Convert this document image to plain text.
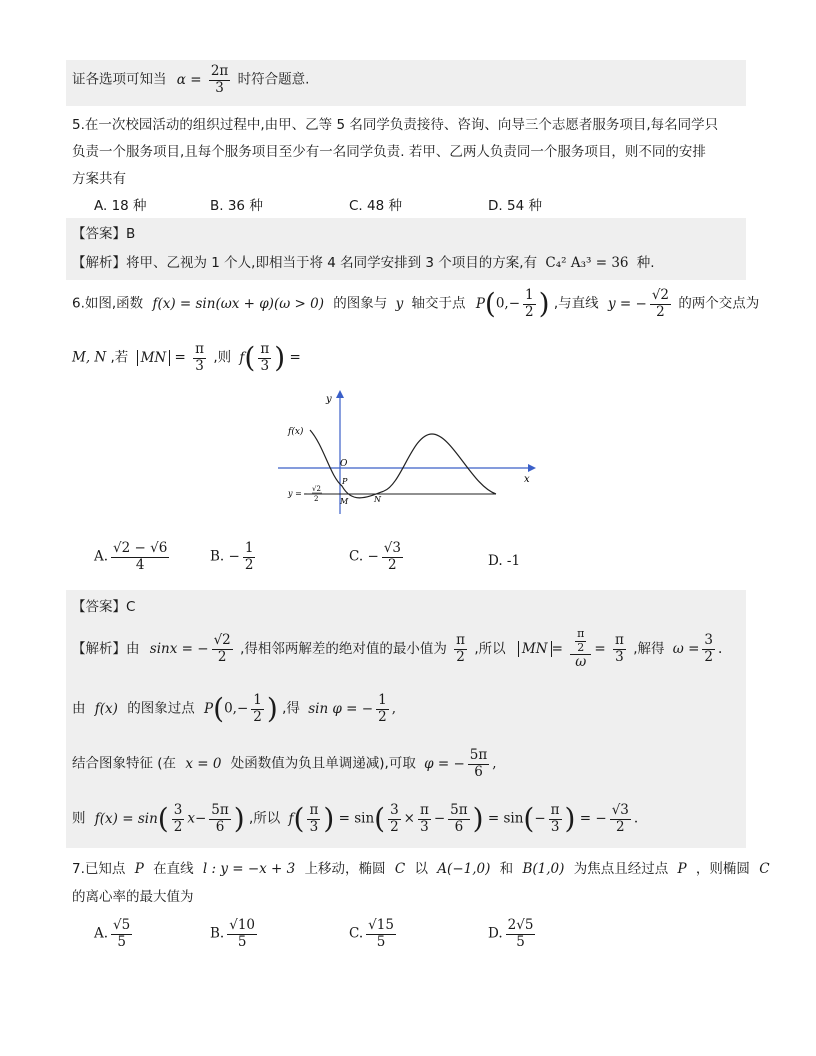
证各选项可知当 $\alpha = \frac{2\pi}{3}$ 时符合题意.
5.在一次校园活动的组织过程中,由甲、乙等 5 名同学负责接待、咨询、向导三个志愿者服务项目,每名同学只
负责一个服务项目,且每个服务项目至少有一名同学负责. 若甲、乙两人负责同一个服务项目，则不同的安排
方案共有
A. 18 种	B. 36 种	C. 48 种	D. 54 种
【答案】B
【解析】将甲、乙视为 1 个人,即相当于将 4 名同学安排到 3 个项目的方案,有 C₄² A₃³ = 36 种.
6.如图,函数 f(x) = sin(ωx + φ)(ω > 0) 的图象与 y 轴交于点 $P(0,- \frac{1}{2}$ ) ,与直线 y = − $\frac{√2}{2}$ 的两个交点为
M, N ,若 MN = $\frac{\pi}{3}$ ,则 $f( \frac{\pi}{3}$ ) =
f(x)
y
x
O
P
M	N
y = - √2
2
A. $\frac{√2 - √6}{4}$	B. − $\frac{1}{2}$	C. − $\frac{√3}{2}$	D. -1
【答案】C
【解析】由 sinx = − $\frac{√2}{2}$ ,得相邻两解差的绝对值的最小值为 $\frac{\pi}{2}$ ,所以 MN = $\frac{\frac{\pi}{2}}{\omega} = \frac{\pi}{3}$ ,解得 $\omega = \frac{3}{2}$ .
由 f(x) 的图象过点 $P(0,- \frac{1}{2}$ ) ,得 sin φ = − $\frac{1}{2}$ ,
结合图象特征 (在 x = 0 处函数值为负且单调递减),可取 φ = − $\frac{5\pi}{6}$ ,
则 $f(x) = \sin( \frac{3}{2} x- \frac{5\pi}{6}$ ) ,所以 $f( \frac{\pi}{3}$ ) = $\sin( \frac{3}{2} \times \frac{\pi}{3} - \frac{5\pi}{6}$ ) = $\sin(- \frac{\pi}{3}$ ) = − $\frac{√3}{2}$ .
7.已知点 P 在直线 l : y = −x + 3 上移动，椭圆 C 以 A(−1,0) 和 B(1,0) 为焦点且经过点 P ，则椭圆 C
的离心率的最大值为
A. $\frac{√5}{5}$	B. $\frac{√10}{5}$	C. $\frac{√15}{5}$	D. $\frac{2√5}{5}$
